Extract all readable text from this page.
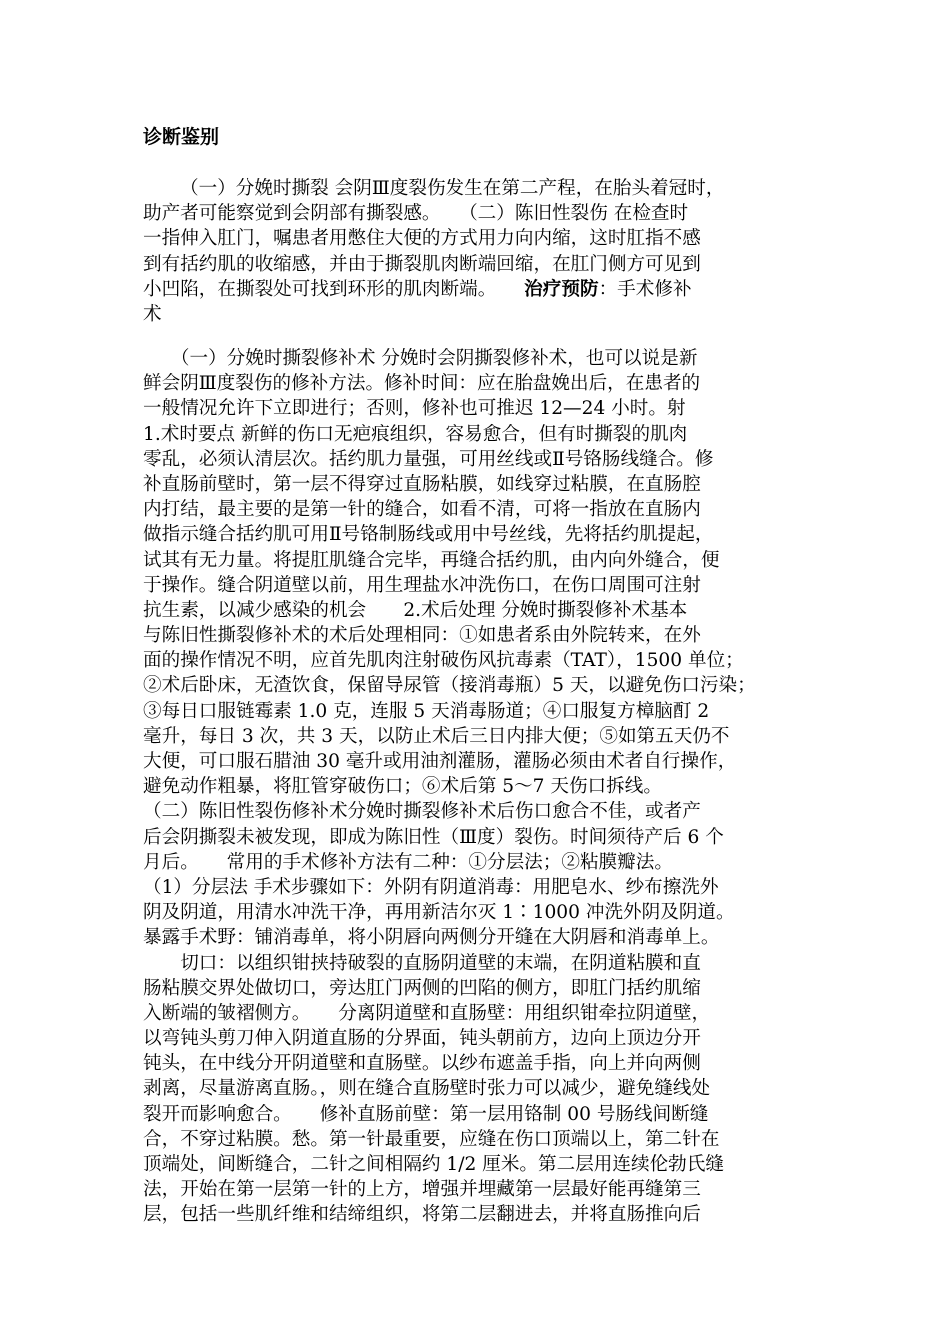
诊断鉴别
（一）分娩时撕裂 会阴Ⅲ度裂伤发生在第二产程，在胎头着冠时，
助产者可能察觉到会阴部有撕裂感。　　（二）陈旧性裂伤 在检查时
一指伸入肛门，嘱患者用憋住大便的方式用力向内缩，这时肛指不感
到有括约肌的收缩感，并由于撕裂肌肉断端回缩，在肛门侧方可见到
小凹陷，在撕裂处可找到环形的肌肉断端。　　治疗预防：手术修补
术
　　（一）分娩时撕裂修补术 分娩时会阴撕裂修补术，也可以说是新
鲜会阴Ⅲ度裂伤的修补方法。修补时间：应在胎盘娩出后，在患者的
一般情况允许下立即进行；否则，修补也可推迟 12—24 小时。射
1.术时要点 新鲜的伤口无疤痕组织，容易愈合，但有时撕裂的肌肉
零乱，必须认清层次。括约肌力量强，可用丝线或Ⅱ号铬肠线缝合。修
补直肠前壁时，第一层不得穿过直肠粘膜，如线穿过粘膜，在直肠腔
内打结，最主要的是第一针的缝合，如看不清，可将一指放在直肠内
做指示缝合括约肌可用Ⅱ号铬制肠线或用中号丝线，先将括约肌提起，
试其有无力量。将提肛肌缝合完毕，再缝合括约肌，由内向外缝合，便
于操作。缝合阴道壁以前，用生理盐水冲洗伤口，在伤口周围可注射
抗生素，以减少感染的机会　　2.术后处理 分娩时撕裂修补术基本
与陈旧性撕裂修补术的术后处理相同：①如患者系由外院转来，在外
面的操作情况不明，应首先肌肉注射破伤风抗毒素（TAT），1500 单位；
②术后卧床，无渣饮食，保留导尿管（接消毒瓶）5 天，以避免伤口污染；
③每日口服链霉素 1.0 克，连服 5 天消毒肠道；④口服复方樟脑酊 2
毫升，每日 3 次，共 3 天，以防止术后三日内排大便；⑤如第五天仍不
大便，可口服石腊油 30 毫升或用油剂灌肠，灌肠必须由术者自行操作，
避免动作粗暴，将肛管穿破伤口；⑥术后第 5～7 天伤口拆线。
（二）陈旧性裂伤修补术分娩时撕裂修补术后伤口愈合不佳，或者产
后会阴撕裂未被发现，即成为陈旧性（Ⅲ度）裂伤。时间须待产后 6 个
月后。　　常用的手术修补方法有二种：①分层法；②粘膜瓣法。
（1）分层法 手术步骤如下：外阴有阴道消毒：用肥皂水、纱布擦洗外
阴及阴道，用清水冲洗干净，再用新洁尔灭 1∶1000 冲洗外阴及阴道。
暴露手术野：铺消毒单，将小阴唇向两侧分开缝在大阴唇和消毒单上。
　　切口：以组织钳挟持破裂的直肠阴道壁的末端，在阴道粘膜和直
肠粘膜交界处做切口，旁达肛门两侧的凹陷的侧方，即肛门括约肌缩
入断端的皱褶侧方。　　分离阴道壁和直肠壁：用组织钳牵拉阴道壁，
以弯钝头剪刀伸入阴道直肠的分界面，钝头朝前方，边向上顶边分开
钝头，在中线分开阴道壁和直肠壁。以纱布遮盖手指，向上并向两侧
剥离，尽量游离直肠。，则在缝合直肠壁时张力可以减少，避免缝线处
裂开而影响愈合。　　修补直肠前壁：第一层用铬制 00 号肠线间断缝
合，不穿过粘膜。愁。第一针最重要，应缝在伤口顶端以上，第二针在
顶端处，间断缝合，二针之间相隔约 1/2 厘米。第二层用连续伦勃氏缝
法，开始在第一层第一针的上方，增强并埋藏第一层最好能再缝第三
层，包括一些肌纤维和结缔组织，将第二层翻进去，并将直肠推向后
